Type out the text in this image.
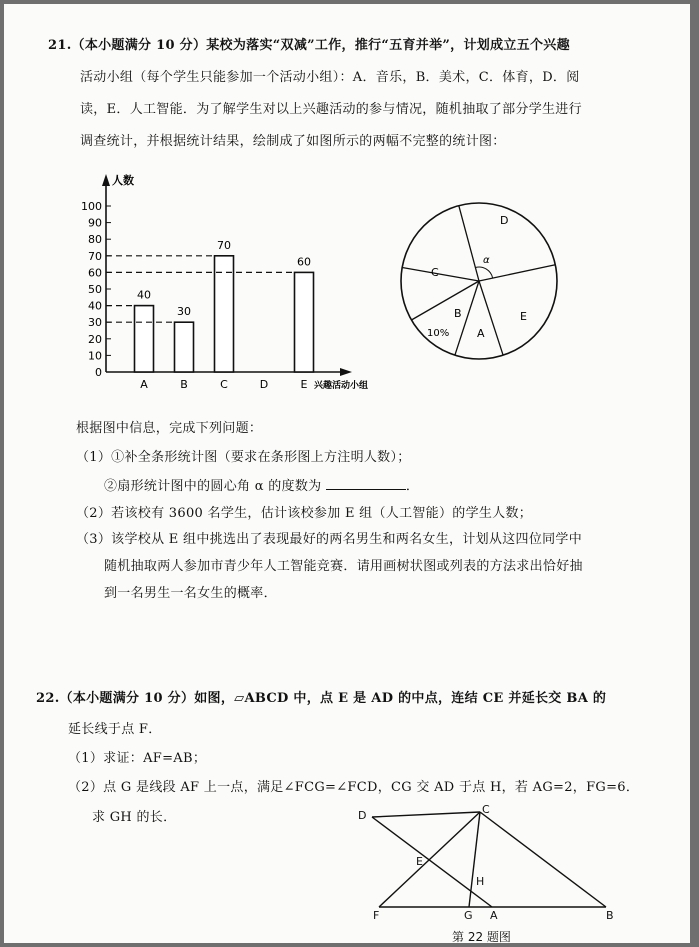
21.（本小题满分 10 分）某校为落实“双减”工作，推行“五育并举”，计划成立五个兴趣
活动小组（每个学生只能参加一个活动小组）：A．音乐，B．美术，C．体育，D．阅
读，E．人工智能．为了解学生对以上兴趣活动的参与情况，随机抽取了部分学生进行
调查统计，并根据统计结果，绘制成了如图所示的两幅不完整的统计图：
人数
兴趣活动小组
0
10
20
30
40
50
60
70
80
90
100
A
40
B
30
C
70
D	E
60	α
D
C
E
A
B
10%
根据图中信息，完成下列问题：
（1）①补全条形统计图（要求在条形图上方注明人数）；
②扇形统计图中的圆心角 α 的度数为	．
（2）若该校有 3600 名学生，估计该校参加 E 组（人工智能）的学生人数；
（3）该学校从 E 组中挑选出了表现最好的两名男生和两名女生，计划从这四位同学中
随机抽取两人参加市青少年人工智能竞赛．请用画树状图或列表的方法求出恰好抽
到一名男生一名女生的概率．
22.（本小题满分 10 分）如图，▱ABCD 中，点 E 是 AD 的中点，连结 CE 并延长交 BA 的
延长线于点 F．
（1）求证：AF=AB；
（2）点 G 是线段 AF 上一点，满足∠FCG=∠FCD，CG 交 AD 于点 H，若 AG=2，FG=6．
求 GH 的长．	D	C
E
H
F	G A	B
第 22 题图
